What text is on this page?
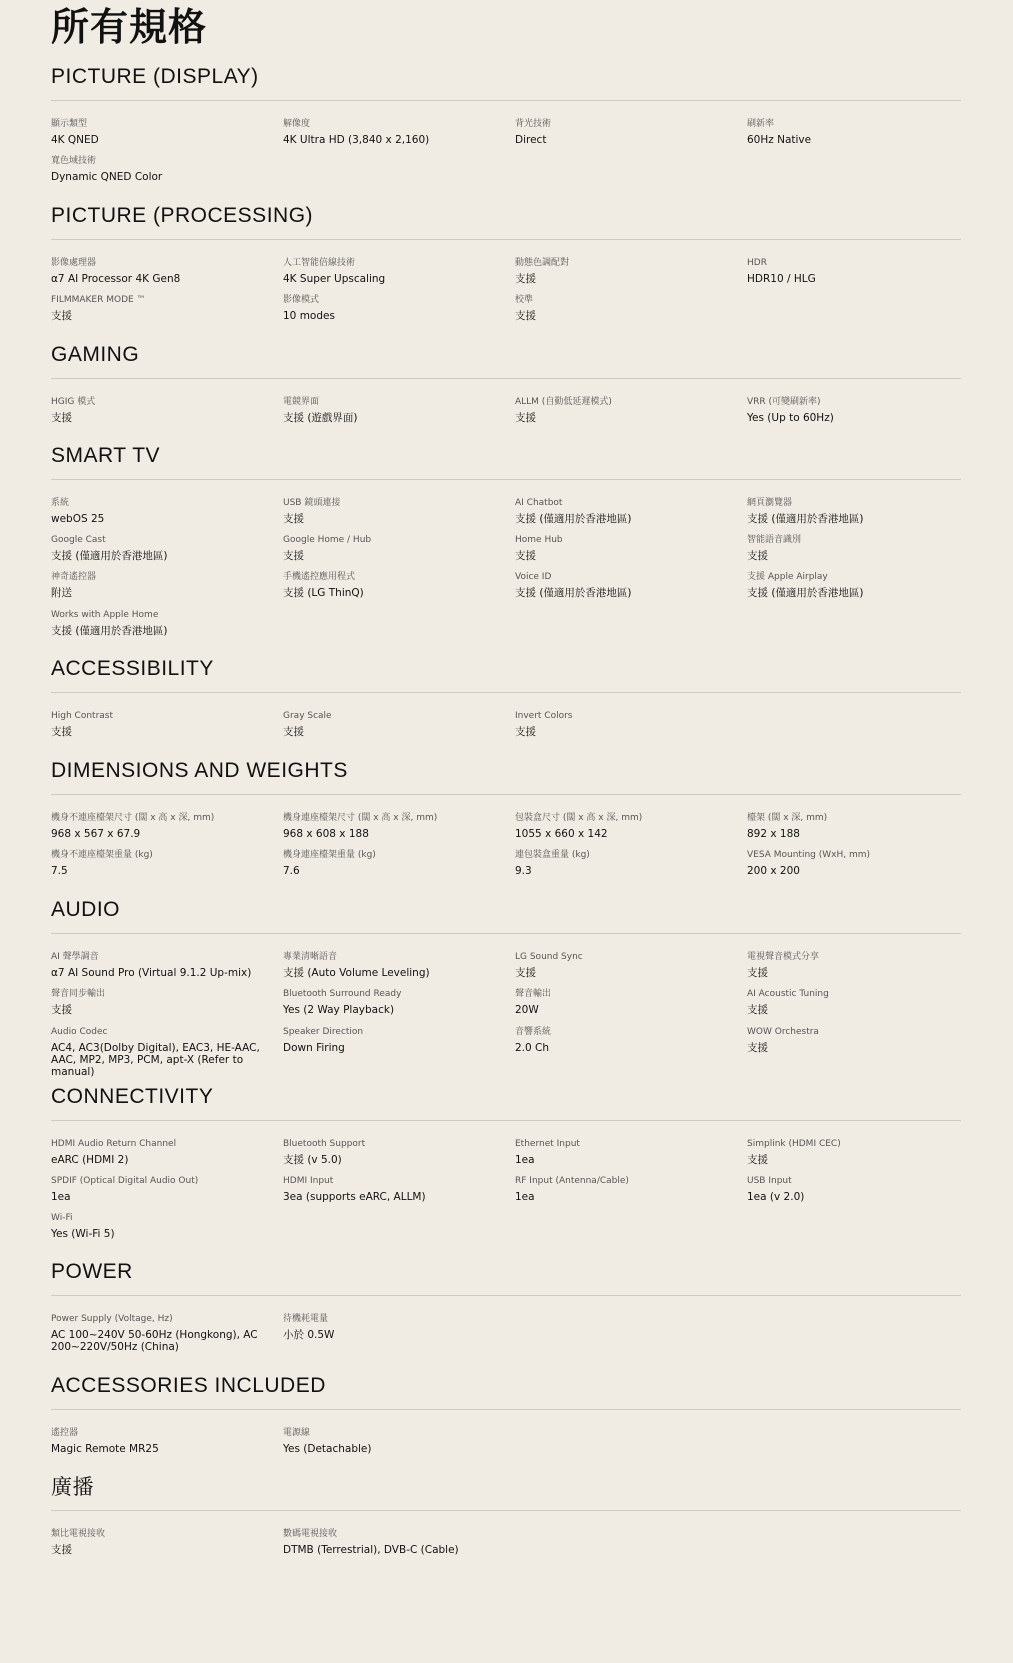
所有規格
PICTURE (DISPLAY)
顯示類型
4K QNED
解像度
4K Ultra HD (3,840 x 2,160)
背光技術
Direct
刷新率
60Hz Native
寬色域技術
Dynamic QNED Color
PICTURE (PROCESSING)
影像處理器
α7 AI Processor 4K Gen8
人工智能倍線技術
4K Super Upscaling
動態色調配對
支援
HDR
HDR10 / HLG
FILMMAKER MODE ™
支援
影像模式
10 modes
校準
支援
GAMING
HGIG 模式
支援
電競界面
支援 (遊戲界面)
ALLM (自動低延遲模式)
支援
VRR (可變刷新率)
Yes (Up to 60Hz)
SMART TV
系統
webOS 25
USB 鏡頭連接
支援
AI Chatbot
支援 (僅適用於香港地區)
網頁瀏覽器
支援 (僅適用於香港地區)
Google Cast
支援 (僅適用於香港地區)
Google Home / Hub
支援
Home Hub
支援
智能語音識別
支援
神奇遙控器
附送
手機遙控應用程式
支援 (LG ThinQ)
Voice ID
支援 (僅適用於香港地區)
支援 Apple Airplay
支援 (僅適用於香港地區)
Works with Apple Home
支援 (僅適用於香港地區)
ACCESSIBILITY
High Contrast
支援
Gray Scale
支援
Invert Colors
支援
DIMENSIONS AND WEIGHTS
機身不連座檯架尺寸 (闊 x 高 x 深, mm)
968 x 567 x 67.9
機身連座檯架尺寸 (闊 x 高 x 深, mm)
968 x 608 x 188
包裝盒尺寸 (闊 x 高 x 深, mm)
1055 x 660 x 142
檯架 (闊 x 深, mm)
892 x 188
機身不連座檯架重量 (kg)
7.5
機身連座檯架重量 (kg)
7.6
連包裝盒重量 (kg)
9.3
VESA Mounting (WxH, mm)
200 x 200
AUDIO
AI 聲學調音
α7 AI Sound Pro (Virtual 9.1.2 Up-mix)
專業清晰語音
支援 (Auto Volume Leveling)
LG Sound Sync
支援
電視聲音模式分享
支援
聲音同步輸出
支援
Bluetooth Surround Ready
Yes (2 Way Playback)
聲音輸出
20W
AI Acoustic Tuning
支援
Audio Codec
AC4, AC3(Dolby Digital), EAC3, HE-AAC, AAC, MP2, MP3, PCM, apt-X (Refer to manual)
Speaker Direction
Down Firing
音響系統
2.0 Ch
WOW Orchestra
支援
CONNECTIVITY
HDMI Audio Return Channel
eARC (HDMI 2)
Bluetooth Support
支援 (v 5.0)
Ethernet Input
1ea
Simplink (HDMI CEC)
支援
SPDIF (Optical Digital Audio Out)
1ea
HDMI Input
3ea (supports eARC, ALLM)
RF Input (Antenna/Cable)
1ea
USB Input
1ea (v 2.0)
Wi-Fi
Yes (Wi-Fi 5)
POWER
Power Supply (Voltage, Hz)
AC 100~240V 50-60Hz (Hongkong), AC 200~220V/50Hz (China)
待機耗電量
小於 0.5W
ACCESSORIES INCLUDED
遙控器
Magic Remote MR25
電源線
Yes (Detachable)
廣播
類比電視接收
支援
數碼電視接收
DTMB (Terrestrial), DVB-C (Cable)
